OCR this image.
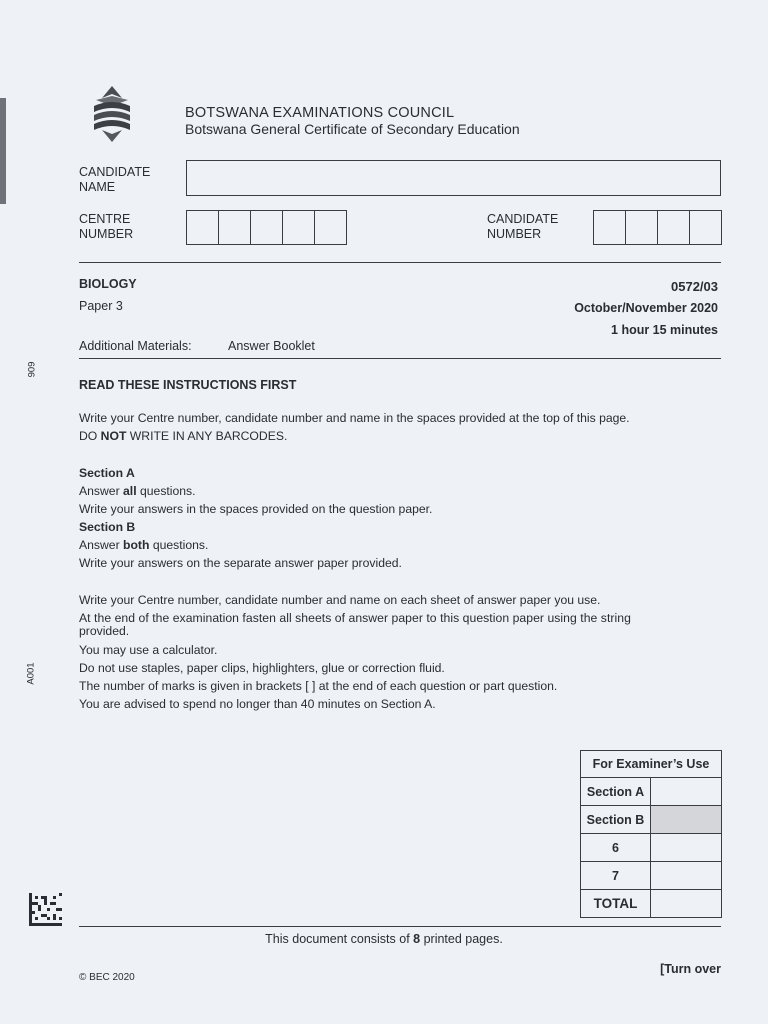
BOTSWANA EXAMINATIONS COUNCIL
Botswana General Certificate of Secondary Education
CANDIDATE
NAME
CENTRE
NUMBER
CANDIDATE
NUMBER
BIOLOGY
Paper 3
0572/03
October/November 2020
1 hour 15 minutes
Additional Materials:	Answer Booklet
READ THESE INSTRUCTIONS FIRST
Write your Centre number, candidate number and name in the spaces provided at the top of this page.
DO NOT WRITE IN ANY BARCODES.
Section A
Answer all questions.
Write your answers in the spaces provided on the question paper.
Section B
Answer both questions.
Write your answers on the separate answer paper provided.
Write your Centre number, candidate number and name on each sheet of answer paper you use.
At the end of the examination fasten all sheets of answer paper to this question paper using the string
provided.
You may use a calculator.
Do not use staples, paper clips, highlighters, glue or correction fluid.
The number of marks is given in brackets [ ] at the end of each question or part question.
You are advised to spend no longer than 40 minutes on Section A.
For Examiner’s Use	
Section A	
Section B	
6	
7	
TOTAL	
909
A001
This document consists of 8 printed pages.
© BEC 2020
[Turn over
